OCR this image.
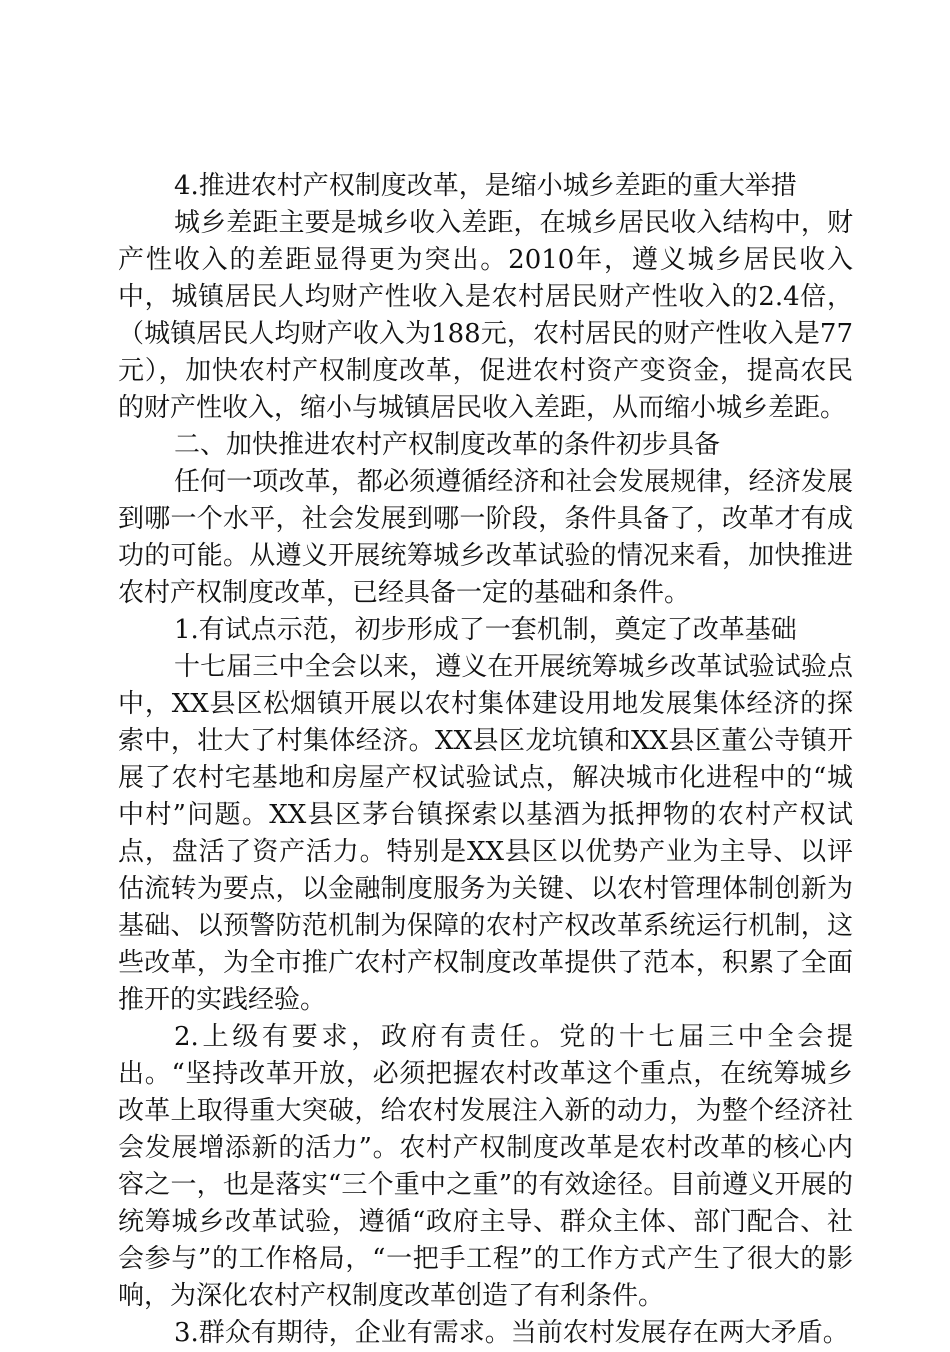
4.推进农村产权制度改革，是缩小城乡差距的重大举措

城乡差距主要是城乡收入差距，在城乡居民收入结构中，财产性收入的差距显得更为突出。2010年，遵义城乡居民收入中，城镇居民人均财产性收入是农村居民财产性收入的2.4倍，（城镇居民人均财产收入为188元，农村居民的财产性收入是77元），加快农村产权制度改革，促进农村资产变资金，提高农民的财产性收入，缩小与城镇居民收入差距，从而缩小城乡差距。

二、加快推进农村产权制度改革的条件初步具备

任何一项改革，都必须遵循经济和社会发展规律，经济发展到哪一个水平，社会发展到哪一阶段，条件具备了，改革才有成功的可能。从遵义开展统筹城乡改革试验的情况来看，加快推进农村产权制度改革，已经具备一定的基础和条件。

1.有试点示范，初步形成了一套机制，奠定了改革基础

十七届三中全会以来，遵义在开展统筹城乡改革试验试验点中，XX县区松烟镇开展以农村集体建设用地发展集体经济的探索中，壮大了村集体经济。XX县区龙坑镇和XX县区董公寺镇开展了农村宅基地和房屋产权试验试点，解决城市化进程中的“城中村”问题。XX县区茅台镇探索以基酒为抵押物的农村产权试点，盘活了资产活力。特别是XX县区以优势产业为主导、以评估流转为要点，以金融制度服务为关键、以农村管理体制创新为基础、以预警防范机制为保障的农村产权改革系统运行机制，这些改革，为全市推广农村产权制度改革提供了范本，积累了全面推开的实践经验。

2.上级有要求，政府有责任。党的十七届三中全会提出。“坚持改革开放，必须把握农村改革这个重点，在统筹城乡改革上取得重大突破，给农村发展注入新的动力，为整个经济社会发展增添新的活力”。农村产权制度改革是农村改革的核心内容之一，也是落实“三个重中之重”的有效途径。目前遵义开展的统筹城乡改革试验，遵循“政府主导、群众主体、部门配合、社会参与”的工作格局，“一把手工程”的工作方式产生了很大的影响，为深化农村产权制度改革创造了有利条件。

3.群众有期待，企业有需求。当前农村发展存在两大矛盾。
